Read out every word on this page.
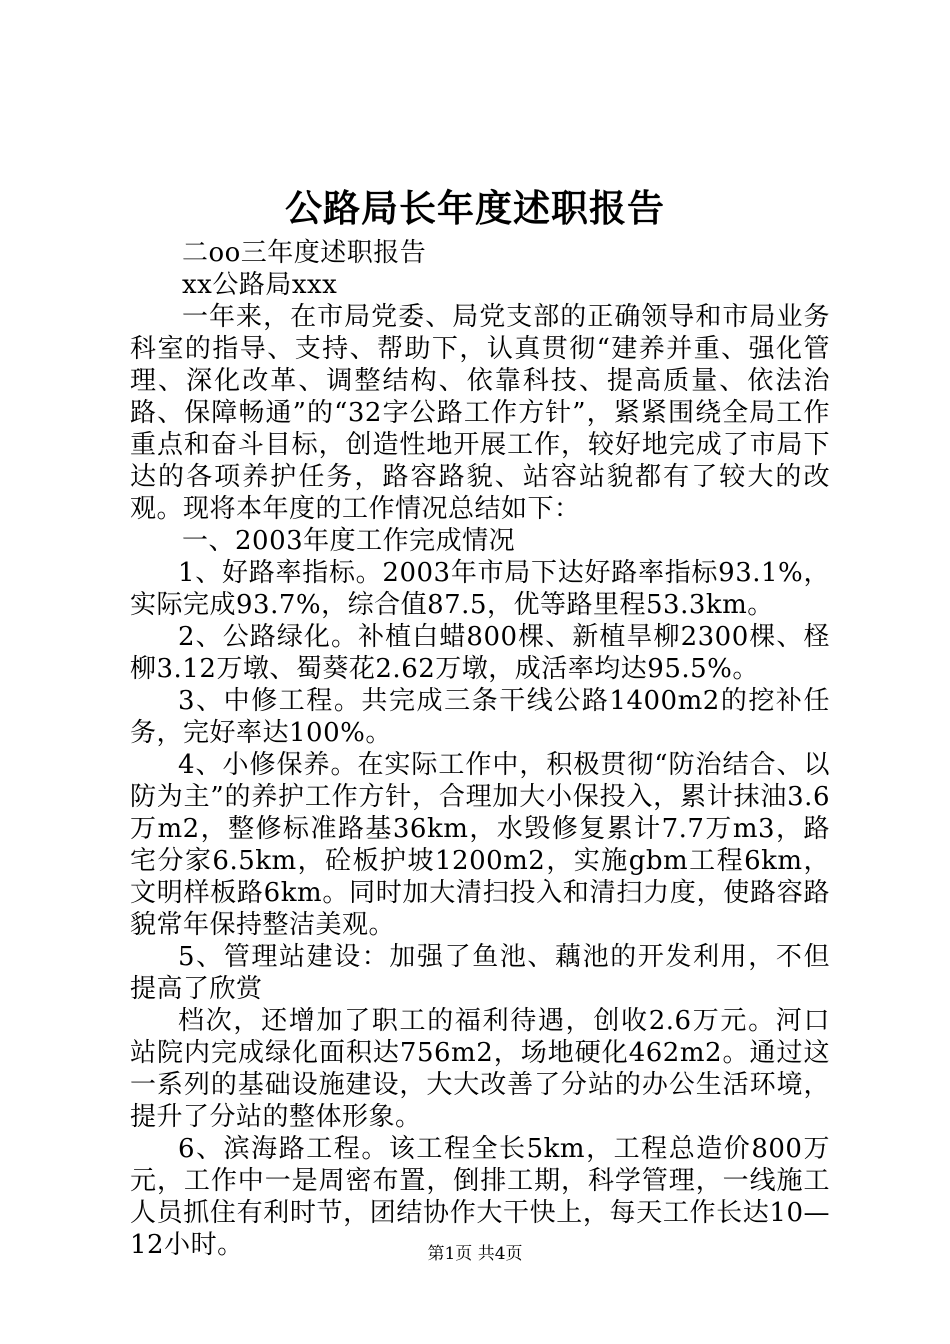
公路局长年度述职报告

二oo三年度述职报告

xx公路局xxx

一年来，在市局党委、局党支部的正确领导和市局业务科室的指导、支持、帮助下，认真贯彻“建养并重、强化管理、深化改革、调整结构、依靠科技、提高质量、依法治路、保障畅通”的“32字公路工作方针”，紧紧围绕全局工作重点和奋斗目标，创造性地开展工作，较好地完成了市局下达的各项养护任务，路容路貌、站容站貌都有了较大的改观。现将本年度的工作情况总结如下：

一、2003年度工作完成情况

1、好路率指标。2003年市局下达好路率指标93.1%，实际完成93.7%，综合值87.5，优等路里程53.3km。

2、公路绿化。补植白蜡800棵、新植旱柳2300棵、柽柳3.12万墩、蜀葵花2.62万墩，成活率均达95.5%。

3、中修工程。共完成三条干线公路1400m2的挖补任务，完好率达100%。

4、小修保养。在实际工作中，积极贯彻“防治结合、以防为主”的养护工作方针，合理加大小保投入，累计抹油3.6万m2，整修标准路基36km，水毁修复累计7.7万m3，路宅分家6.5km，砼板护坡1200m2，实施gbm工程6km，文明样板路6km。同时加大清扫投入和清扫力度，使路容路貌常年保持整洁美观。

5、管理站建设：加强了鱼池、藕池的开发利用，不但提高了欣赏

档次，还增加了职工的福利待遇，创收2.6万元。河口站院内完成绿化面积达756m2，场地硬化462m2。通过这一系列的基础设施建设，大大改善了分站的办公生活环境，提升了分站的整体形象。

6、滨海路工程。该工程全长5km，工程总造价800万元，工作中一是周密布置，倒排工期，科学管理，一线施工人员抓住有利时节，团结协作大干快上，每天工作长达10—12小时。	第1页 共4页
